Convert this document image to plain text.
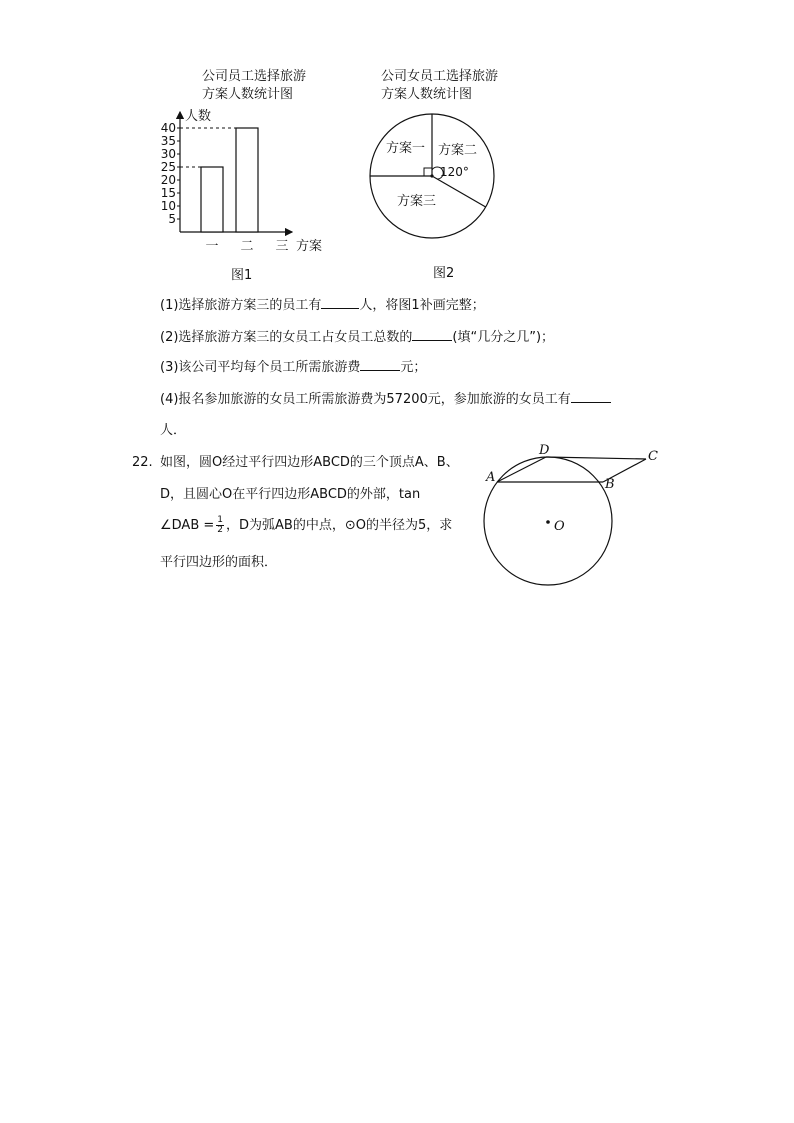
公司员工选择旅游
方案人数统计图
5
10
15
20
25
30
35
40
一 二 三
人数
方案
图1
公司女员工选择旅游
方案人数统计图
方案一 方案二
方案三
120°
图2
(1)选择旅游方案三的员工有	人，将图1补画完整；
(2)选择旅游方案三的女员工占女员工总数的	(填“几分之几”)；
(3)该公司平均每个员工所需旅游费	元；
(4)报名参加旅游的女员工所需旅游费为57200元，参加旅游的女员工有
人．
22. 如图，圆O经过平行四边形ABCD的三个顶点A、B、
D，且圆心O在平行四边形ABCD的外部，tan
∠DAB = $\frac{1}{2}$ ，D为弧AB的中点，⊙O的半径为5，求
平行四边形的面积．
A
D	C
B
O
